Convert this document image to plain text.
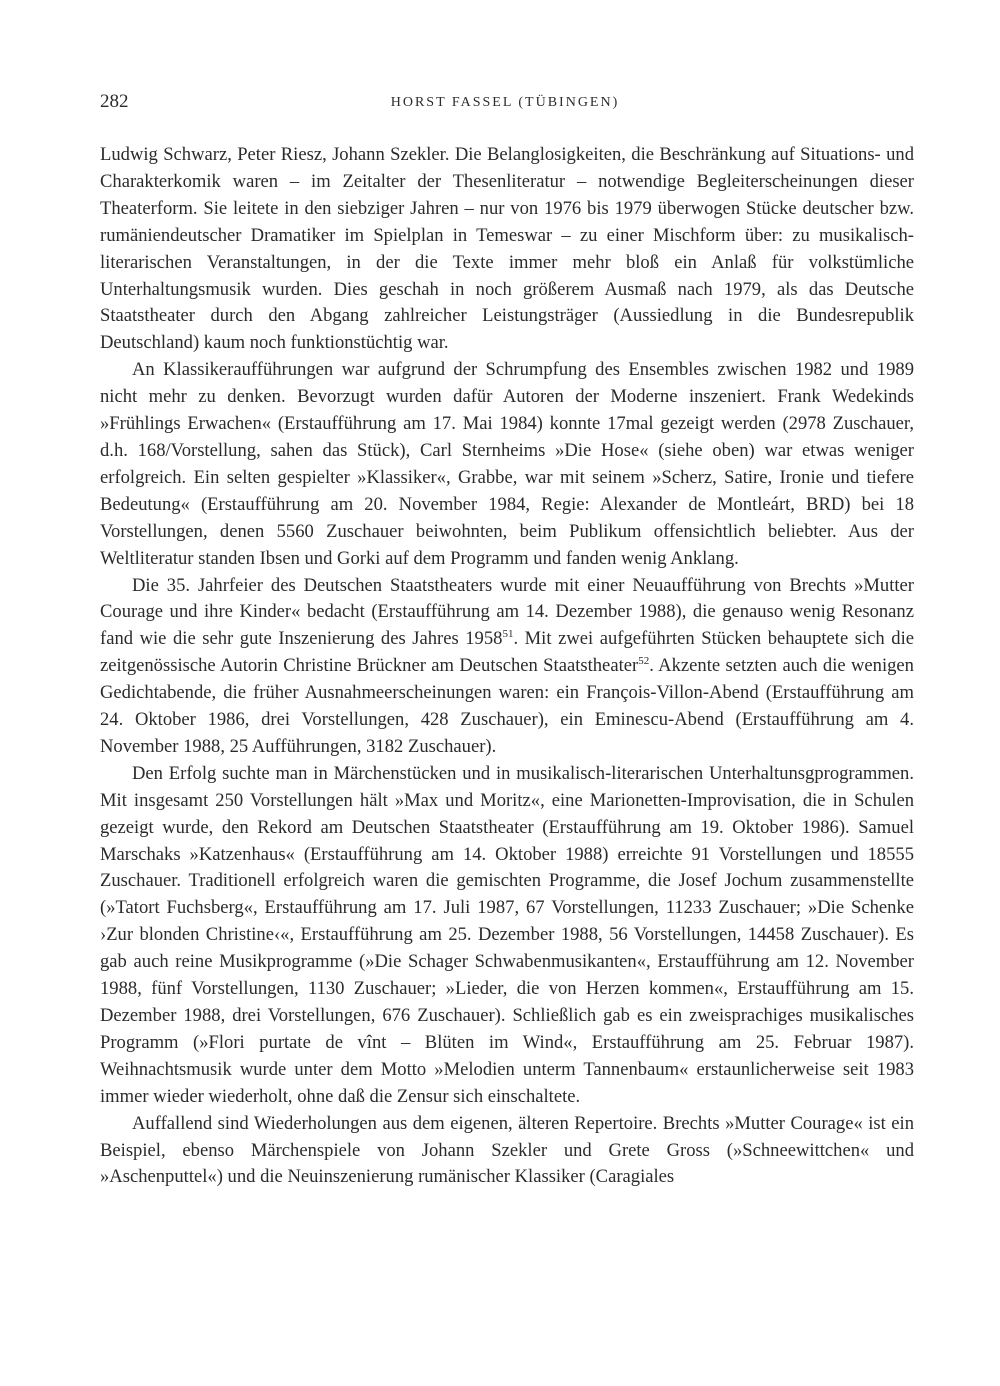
282	HORST FASSEL (TÜBINGEN)

Ludwig Schwarz, Peter Riesz, Johann Szekler. Die Belanglosigkeiten, die Beschränkung auf Situations- und Charakterkomik waren – im Zeitalter der Thesenliteratur – notwendige Begleiterscheinungen dieser Theaterform. Sie leitete in den siebziger Jahren – nur von 1976 bis 1979 überwogen Stücke deutscher bzw. rumäniendeutscher Dramatiker im Spielplan in Temeswar – zu einer Mischform über: zu musikalisch-literarischen Veranstaltungen, in der die Texte immer mehr bloß ein Anlaß für volkstümliche Unterhaltungsmusik wurden. Dies geschah in noch größerem Ausmaß nach 1979, als das Deutsche Staatstheater durch den Abgang zahlreicher Leistungsträger (Aussiedlung in die Bundesrepublik Deutschland) kaum noch funktionstüchtig war.

An Klassikeraufführungen war aufgrund der Schrumpfung des Ensembles zwischen 1982 und 1989 nicht mehr zu denken. Bevorzugt wurden dafür Autoren der Moderne inszeniert. Frank Wedekinds »Frühlings Erwachen« (Erstaufführung am 17. Mai 1984) konnte 17mal gezeigt werden (2978 Zuschauer, d.h. 168/Vorstellung, sahen das Stück), Carl Sternheims »Die Hose« (siehe oben) war etwas weniger erfolgreich. Ein selten gespielter »Klassiker«, Grabbe, war mit seinem »Scherz, Satire, Ironie und tiefere Bedeutung« (Erstaufführung am 20. November 1984, Regie: Alexander de Montleárt, BRD) bei 18 Vorstellungen, denen 5560 Zuschauer beiwohnten, beim Publikum offensichtlich beliebter. Aus der Weltliteratur standen Ibsen und Gorki auf dem Programm und fanden wenig Anklang.

Die 35. Jahrfeier des Deutschen Staatstheaters wurde mit einer Neuaufführung von Brechts »Mutter Courage und ihre Kinder« bedacht (Erstaufführung am 14. Dezember 1988), die genauso wenig Resonanz fand wie die sehr gute Inszenierung des Jahres 1958$^{51}$. Mit zwei aufgeführten Stücken behauptete sich die zeitgenössische Autorin Christine Brückner am Deutschen Staatstheater$^{52}$. Akzente setzten auch die wenigen Gedichtabende, die früher Ausnahmeerscheinungen waren: ein François-Villon-Abend (Erstaufführung am 24. Oktober 1986, drei Vorstellungen, 428 Zuschauer), ein Eminescu-Abend (Erstaufführung am 4. November 1988, 25 Aufführungen, 3182 Zuschauer).

Den Erfolg suchte man in Märchenstücken und in musikalisch-literarischen Unterhaltunsgprogrammen. Mit insgesamt 250 Vorstellungen hält »Max und Moritz«, eine Marionetten-Improvisation, die in Schulen gezeigt wurde, den Rekord am Deutschen Staatstheater (Erstaufführung am 19. Oktober 1986). Samuel Marschaks »Katzenhaus« (Erstaufführung am 14. Oktober 1988) erreichte 91 Vorstellungen und 18555 Zuschauer. Traditionell erfolgreich waren die gemischten Programme, die Josef Jochum zusammenstellte (»Tatort Fuchsberg«, Erstaufführung am 17. Juli 1987, 67 Vorstellungen, 11233 Zuschauer; »Die Schenke ›Zur blonden Christine‹«, Erstaufführung am 25. Dezember 1988, 56 Vorstellungen, 14458 Zuschauer). Es gab auch reine Musikprogramme (»Die Schager Schwabenmusikanten«, Erstaufführung am 12. November 1988, fünf Vorstellungen, 1130 Zuschauer; »Lieder, die von Herzen kommen«, Erstaufführung am 15. Dezember 1988, drei Vorstellungen, 676 Zuschauer). Schließlich gab es ein zweisprachiges musikalisches Programm (»Flori purtate de vînt – Blüten im Wind«, Erstaufführung am 25. Februar 1987). Weihnachtsmusik wurde unter dem Motto »Melodien unterm Tannenbaum« erstaunlicherweise seit 1983 immer wieder wiederholt, ohne daß die Zensur sich einschaltete.

Auffallend sind Wiederholungen aus dem eigenen, älteren Repertoire. Brechts »Mutter Courage« ist ein Beispiel, ebenso Märchenspiele von Johann Szekler und Grete Gross (»Schneewittchen« und »Aschenputtel«) und die Neuinszenierung rumänischer Klassiker (Caragiales
